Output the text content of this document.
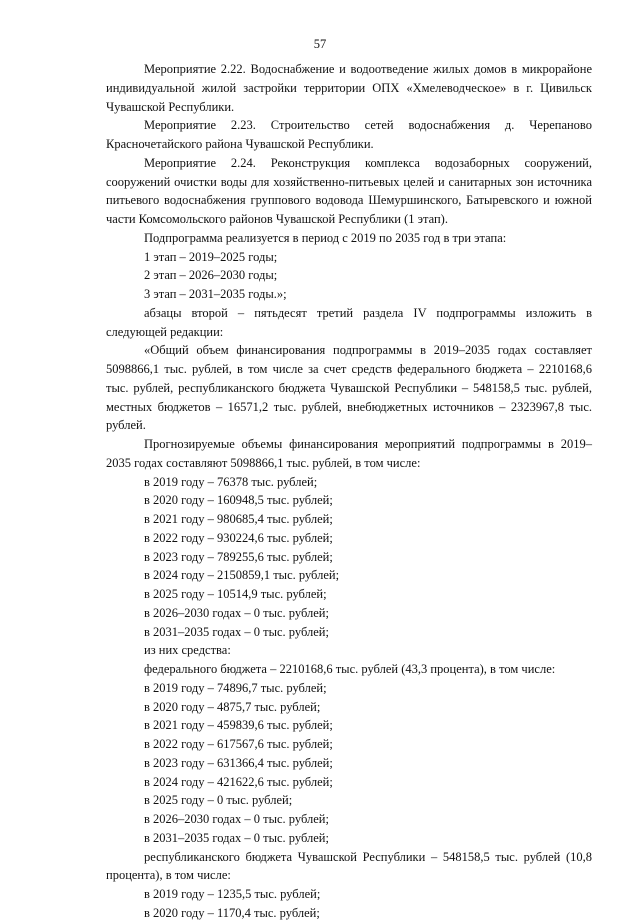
57

Мероприятие 2.22. Водоснабжение и водоотведение жилых домов в микрорайоне индивидуальной жилой застройки территории ОПХ «Хмелеводческое» в г. Цивильск Чувашской Республики.

Мероприятие 2.23. Строительство сетей водоснабжения д. Черепаново Красночетайского района Чувашской Республики.

Мероприятие 2.24. Реконструкция комплекса водозаборных сооружений, сооружений очистки воды для хозяйственно-питьевых целей и санитарных зон источника питьевого водоснабжения группового водовода Шемуршинского, Батыревского и южной части Комсомольского районов Чувашской Республики (1 этап).

Подпрограмма реализуется в период с 2019 по 2035 год в три этапа:

1 этап – 2019–2025 годы;

2 этап – 2026–2030 годы;

3 этап – 2031–2035 годы.»;

абзацы второй – пятьдесят третий раздела IV подпрограммы изложить в следующей редакции:

«Общий объем финансирования подпрограммы в 2019–2035 годах составляет 5098866,1 тыс. рублей, в том числе за счет средств федерального бюджета – 2210168,6 тыс. рублей, республиканского бюджета Чувашской Республики – 548158,5 тыс. рублей, местных бюджетов – 16571,2 тыс. рублей, внебюджетных источников – 2323967,8 тыс. рублей.

Прогнозируемые объемы финансирования мероприятий подпрограммы в 2019–2035 годах составляют 5098866,1 тыс. рублей, в том числе:

в 2019 году – 76378 тыс. рублей;

в 2020 году – 160948,5 тыс. рублей;

в 2021 году – 980685,4 тыс. рублей;

в 2022 году – 930224,6 тыс. рублей;

в 2023 году – 789255,6 тыс. рублей;

в 2024 году – 2150859,1 тыс. рублей;

в 2025 году – 10514,9 тыс. рублей;

в 2026–2030 годах – 0 тыс. рублей;

в 2031–2035 годах – 0 тыс. рублей;

из них средства:

федерального бюджета – 2210168,6 тыс. рублей (43,3 процента), в том числе:

в 2019 году – 74896,7 тыс. рублей;

в 2020 году – 4875,7 тыс. рублей;

в 2021 году – 459839,6 тыс. рублей;

в 2022 году – 617567,6 тыс. рублей;

в 2023 году – 631366,4 тыс. рублей;

в 2024 году – 421622,6 тыс. рублей;

в 2025 году – 0 тыс. рублей;

в 2026–2030 годах – 0 тыс. рублей;

в 2031–2035 годах – 0 тыс. рублей;

республиканского бюджета Чувашской Республики – 548158,5 тыс. рублей (10,8 процента), в том числе:

в 2019 году – 1235,5 тыс. рублей;

в 2020 году – 1170,4 тыс. рублей;
